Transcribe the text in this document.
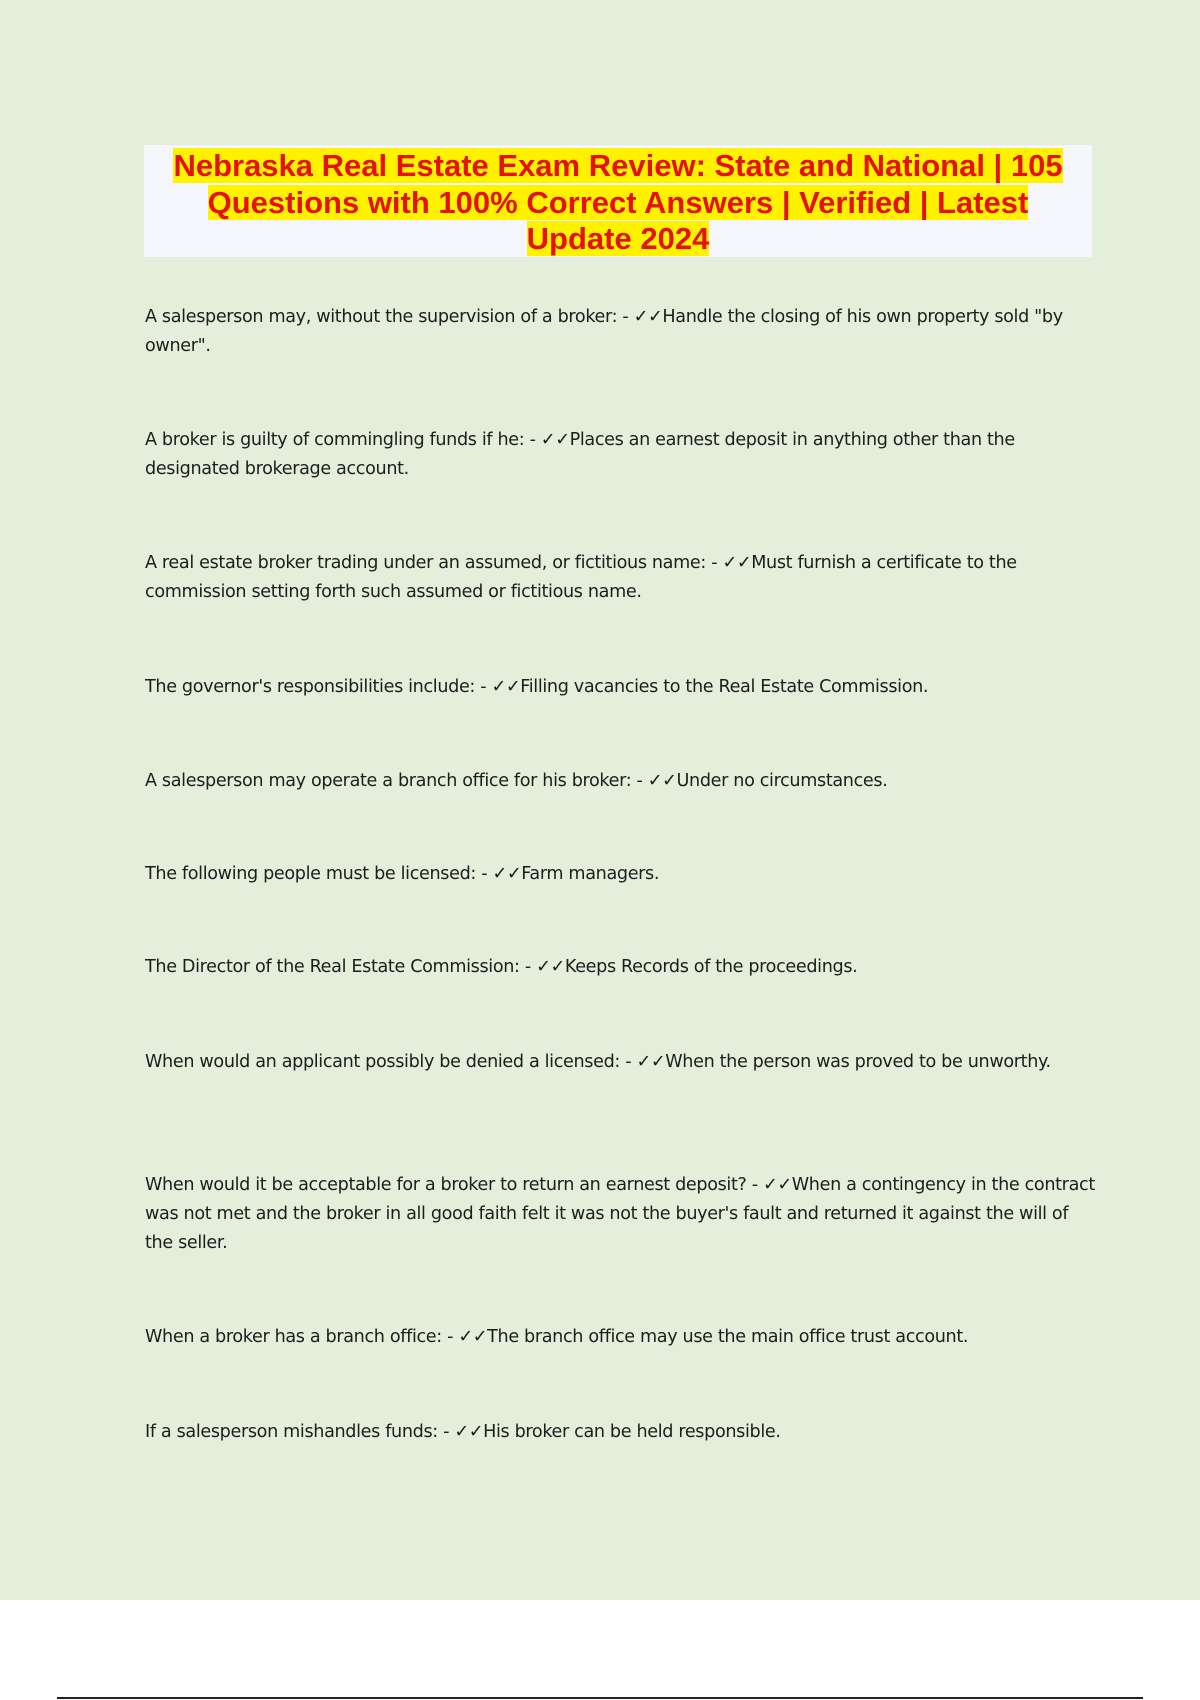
Nebraska Real Estate Exam Review: State and National | 105
Questions with 100% Correct Answers | Verified | Latest
Update 2024

A salesperson may, without the supervision of a broker: - ✓✓Handle the closing of his own property sold "by owner".

A broker is guilty of commingling funds if he: - ✓✓Places an earnest deposit in anything other than the designated brokerage account.

A real estate broker trading under an assumed, or fictitious name: - ✓✓Must furnish a certificate to the commission setting forth such assumed or fictitious name.

The governor's responsibilities include: - ✓✓Filling vacancies to the Real Estate Commission.

A salesperson may operate a branch office for his broker: - ✓✓Under no circumstances.

The following people must be licensed: - ✓✓Farm managers.

The Director of the Real Estate Commission: - ✓✓Keeps Records of the proceedings.

When would an applicant possibly be denied a licensed: - ✓✓When the person was proved to be unworthy.

When would it be acceptable for a broker to return an earnest deposit? - ✓✓When a contingency in the contract was not met and the broker in all good faith felt it was not the buyer's fault and returned it against the will of the seller.

When a broker has a branch office: - ✓✓The branch office may use the main office trust account.

If a salesperson mishandles funds: - ✓✓His broker can be held responsible.
